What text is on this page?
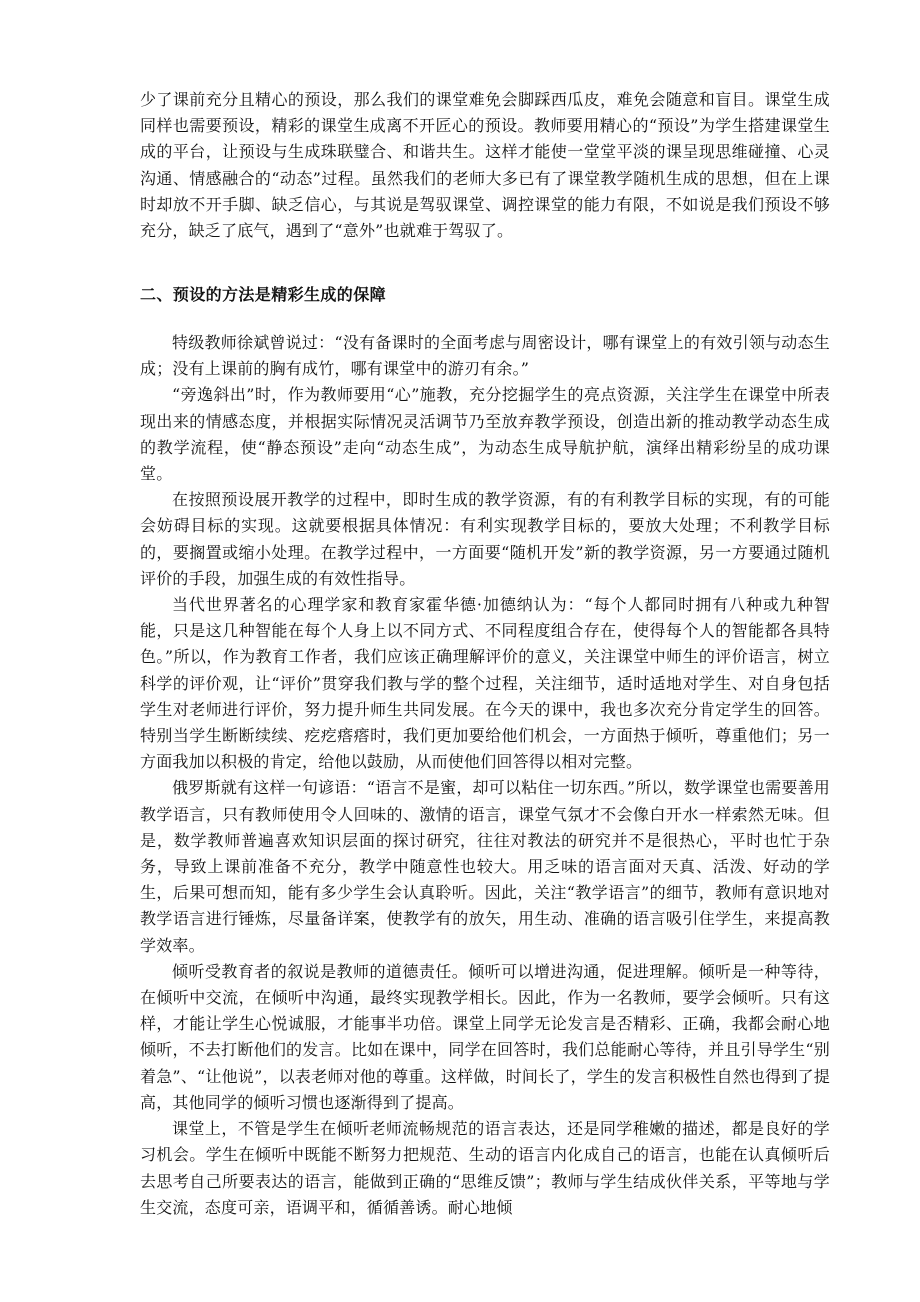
少了课前充分且精心的预设，那么我们的课堂难免会脚踩西瓜皮，难免会随意和盲目。课堂生成同样也需要预设，精彩的课堂生成离不开匠心的预设。教师要用精心的“预设”为学生搭建课堂生成的平台，让预设与生成珠联璧合、和谐共生。这样才能使一堂堂平淡的课呈现思维碰撞、心灵沟通、情感融合的“动态”过程。虽然我们的老师大多已有了课堂教学随机生成的思想，但在上课时却放不开手脚、缺乏信心，与其说是驾驭课堂、调控课堂的能力有限，不如说是我们预设不够充分，缺乏了底气，遇到了“意外”也就难于驾驭了。

二、预设的方法是精彩生成的保障

特级教师徐斌曾说过：“没有备课时的全面考虑与周密设计，哪有课堂上的有效引领与动态生成；没有上课前的胸有成竹，哪有课堂中的游刃有余。”

“旁逸斜出”时，作为教师要用“心”施教，充分挖掘学生的亮点资源，关注学生在课堂中所表现出来的情感态度，并根据实际情况灵活调节乃至放弃教学预设，创造出新的推动教学动态生成的教学流程，使“静态预设”走向“动态生成”，为动态生成导航护航，演绎出精彩纷呈的成功课堂。

在按照预设展开教学的过程中，即时生成的教学资源，有的有利教学目标的实现，有的可能会妨碍目标的实现。这就要根据具体情况：有利实现教学目标的，要放大处理；不利教学目标的，要搁置或缩小处理。在教学过程中，一方面要“随机开发”新的教学资源，另一方要通过随机评价的手段，加强生成的有效性指导。

当代世界著名的心理学家和教育家霍华德·加德纳认为：“每个人都同时拥有八种或九种智能，只是这几种智能在每个人身上以不同方式、不同程度组合存在，使得每个人的智能都各具特色。”所以，作为教育工作者，我们应该正确理解评价的意义，关注课堂中师生的评价语言，树立科学的评价观，让“评价”贯穿我们教与学的整个过程，关注细节，适时适地对学生、对自身包括学生对老师进行评价，努力提升师生共同发展。在今天的课中，我也多次充分肯定学生的回答。特别当学生断断续续、疙疙瘩瘩时，我们更加要给他们机会，一方面热于倾听，尊重他们；另一方面我加以积极的肯定，给他以鼓励，从而使他们回答得以相对完整。

俄罗斯就有这样一句谚语：“语言不是蜜，却可以粘住一切东西。”所以，数学课堂也需要善用教学语言，只有教师使用令人回味的、激情的语言，课堂气氛才不会像白开水一样索然无味。但是，数学教师普遍喜欢知识层面的探讨研究，往往对教法的研究并不是很热心，平时也忙于杂务，导致上课前准备不充分，教学中随意性也较大。用乏味的语言面对天真、活泼、好动的学生，后果可想而知，能有多少学生会认真聆听。因此，关注“教学语言”的细节，教师有意识地对教学语言进行锤炼，尽量备详案，使教学有的放矢，用生动、准确的语言吸引住学生，来提高教学效率。

倾听受教育者的叙说是教师的道德责任。倾听可以增进沟通，促进理解。倾听是一种等待，在倾听中交流，在倾听中沟通，最终实现教学相长。因此，作为一名教师，要学会倾听。只有这样，才能让学生心悦诚服，才能事半功倍。课堂上同学无论发言是否精彩、正确，我都会耐心地倾听，不去打断他们的发言。比如在课中，同学在回答时，我们总能耐心等待，并且引导学生“别着急”、“让他说”，以表老师对他的尊重。这样做，时间长了，学生的发言积极性自然也得到了提高，其他同学的倾听习惯也逐渐得到了提高。

课堂上，不管是学生在倾听老师流畅规范的语言表达，还是同学稚嫩的描述，都是良好的学习机会。学生在倾听中既能不断努力把规范、生动的语言内化成自己的语言，也能在认真倾听后去思考自己所要表达的语言，能做到正确的“思维反馈”；教师与学生结成伙伴关系，平等地与学生交流，态度可亲，语调平和，循循善诱。耐心地倾
